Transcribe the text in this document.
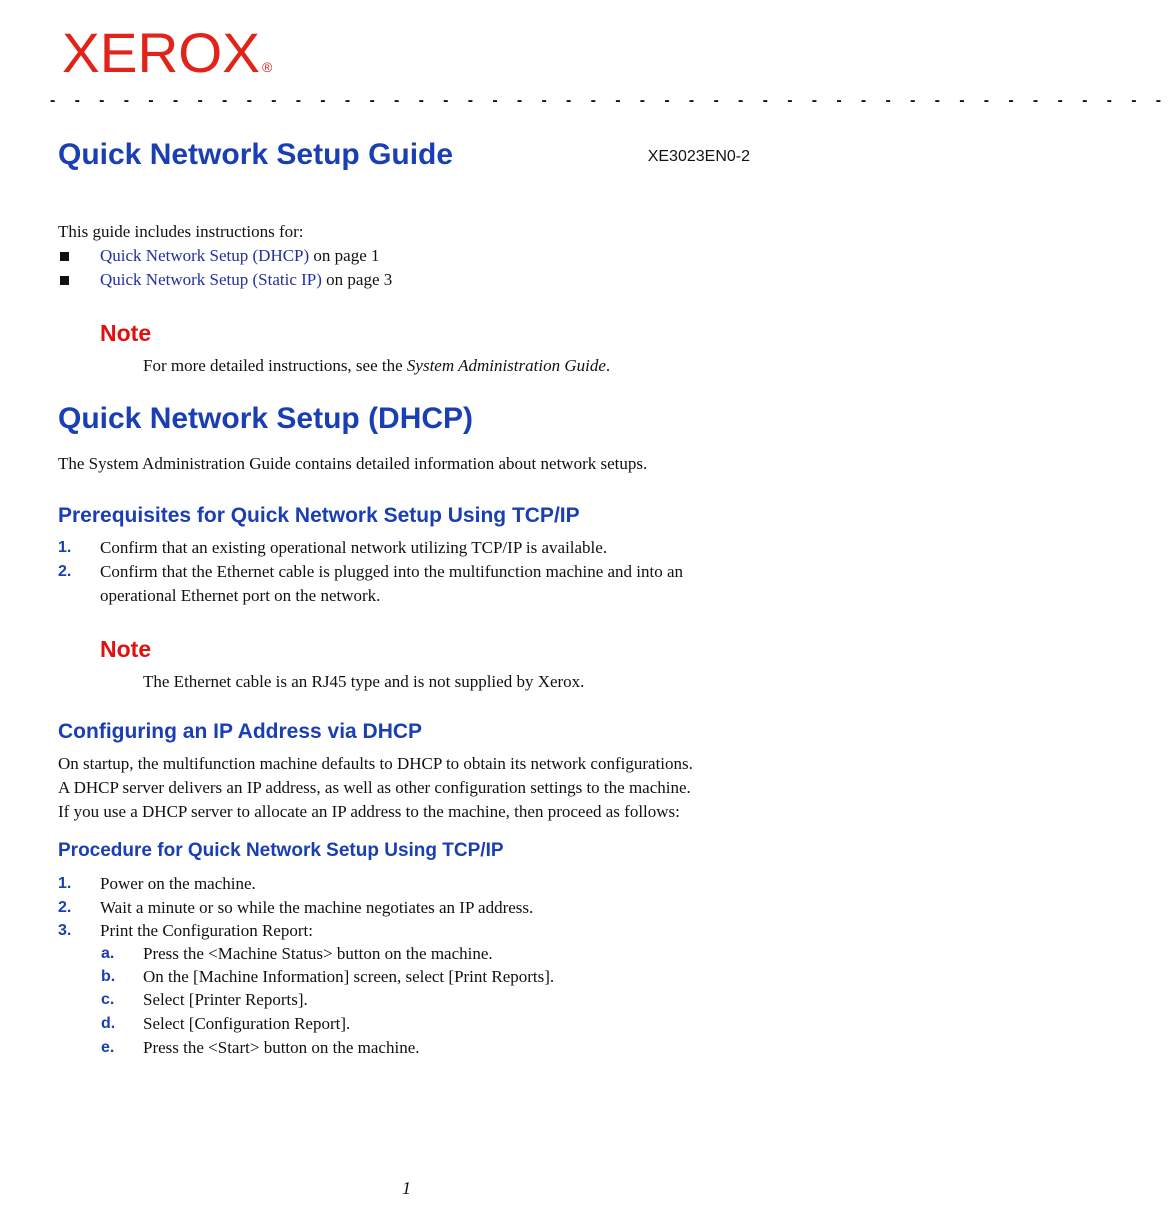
XEROX ®
- - - - - - - - - - - - - - - - - - - - - - - - - - - - - - - - - - - - - - - - - - - - - -
Quick Network Setup Guide	XE3023EN0-2

This guide includes instructions for:

Quick Network Setup (DHCP) on page 1
Quick Network Setup (Static IP) on page 3
Note
For more detailed instructions, see the System Administration Guide.
Quick Network Setup (DHCP)

The System Administration Guide contains detailed information about network setups.

Prerequisites for Quick Network Setup Using TCP/IP
1. Confirm that an existing operational network utilizing TCP/IP is available.
2. Confirm that the Ethernet cable is plugged into the multifunction machine and into an
operational Ethernet port on the network.
Note
The Ethernet cable is an RJ45 type and is not supplied by Xerox.
Configuring an IP Address via DHCP

On startup, the multifunction machine defaults to DHCP to obtain its network configurations.

A DHCP server delivers an IP address, as well as other configuration settings to the machine.

If you use a DHCP server to allocate an IP address to the machine, then proceed as follows:

Procedure for Quick Network Setup Using TCP/IP
1. Power on the machine.
2. Wait a minute or so while the machine negotiates an IP address.
3. Print the Configuration Report:
a. Press the <Machine Status> button on the machine.
b. On the [Machine Information] screen, select [Print Reports].
c. Select [Printer Reports].
d. Select [Configuration Report].
e. Press the <Start> button on the machine.
1
